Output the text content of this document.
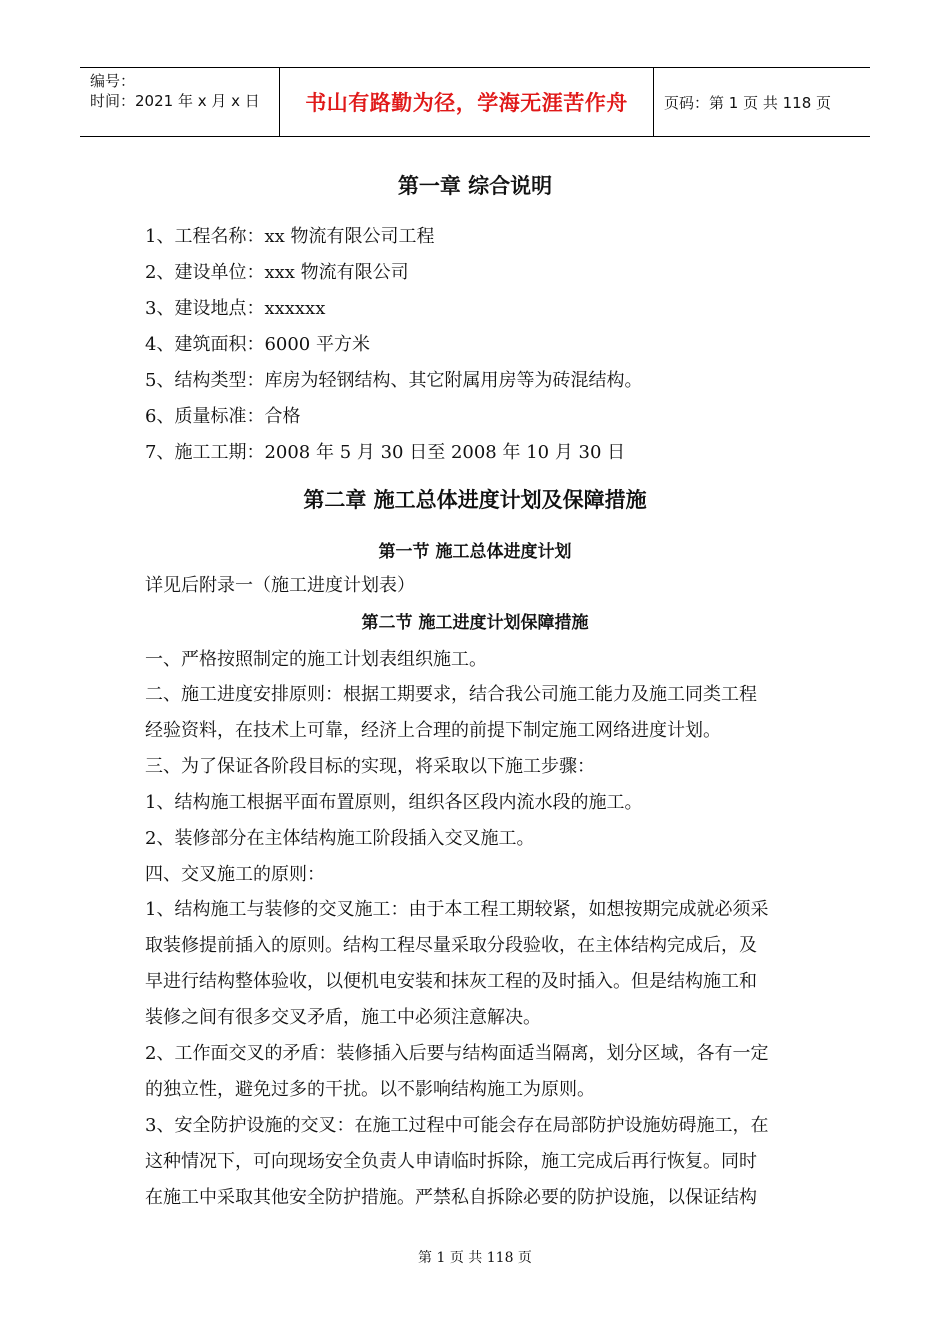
编号：
时间：2021 年 x 月 x 日	书山有路勤为径，学海无涯苦作舟	页码：第 1 页 共 118 页
第一章 综合说明
1、工程名称：xx 物流有限公司工程
2、建设单位：xxx 物流有限公司
3、建设地点：xxxxxx
4、建筑面积：6000 平方米
5、结构类型：库房为轻钢结构、其它附属用房等为砖混结构。
6、质量标准：合格
7、施工工期：2008 年 5 月 30 日至 2008 年 10 月 30 日
第二章 施工总体进度计划及保障措施
第一节 施工总体进度计划
详见后附录一（施工进度计划表）
第二节 施工进度计划保障措施
一、严格按照制定的施工计划表组织施工。
二、施工进度安排原则：根据工期要求，结合我公司施工能力及施工同类工程
经验资料，在技术上可靠，经济上合理的前提下制定施工网络进度计划。
三、为了保证各阶段目标的实现，将采取以下施工步骤：
1、结构施工根据平面布置原则，组织各区段内流水段的施工。
2、装修部分在主体结构施工阶段插入交叉施工。
四、交叉施工的原则：
1、结构施工与装修的交叉施工：由于本工程工期较紧，如想按期完成就必须采
取装修提前插入的原则。结构工程尽量采取分段验收，在主体结构完成后，及
早进行结构整体验收，以便机电安装和抹灰工程的及时插入。但是结构施工和
装修之间有很多交叉矛盾，施工中必须注意解决。
2、工作面交叉的矛盾：装修插入后要与结构面适当隔离，划分区域，各有一定
的独立性，避免过多的干扰。以不影响结构施工为原则。
3、安全防护设施的交叉：在施工过程中可能会存在局部防护设施妨碍施工，在
这种情况下，可向现场安全负责人申请临时拆除，施工完成后再行恢复。同时
在施工中采取其他安全防护措施。严禁私自拆除必要的防护设施，以保证结构
第 1 页 共 118 页
